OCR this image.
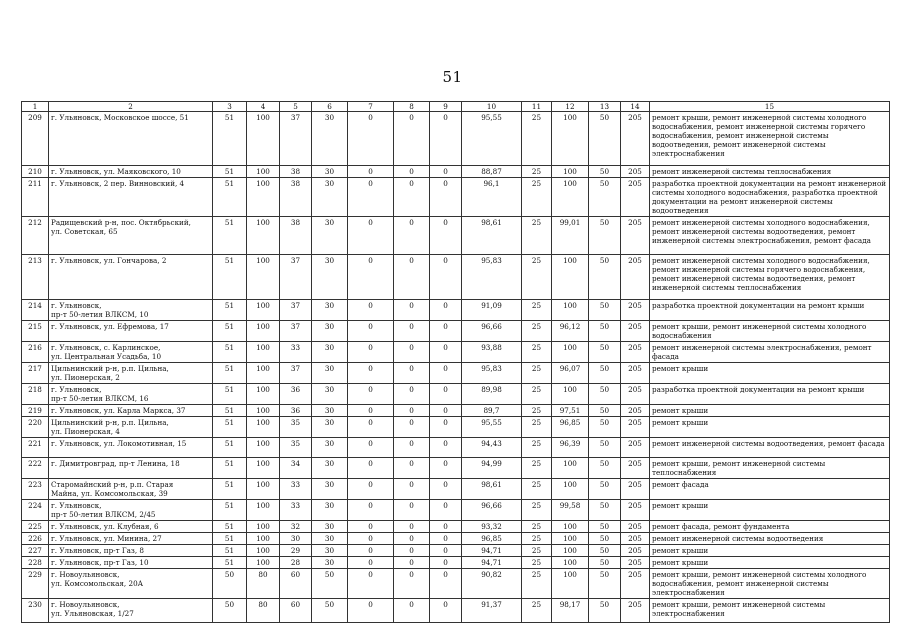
51
1	2	3	4	5	6	7	8	9	10	11	12	13	14	15
209	г. Ульяновск, Московское шоссе, 51	51	100	37	30	0	0	0	95,55	25	100	50	205	ремонт крыши, ремонт инженерной системы холодного водоснабжения, ремонт инженерной системы горячего водоснабжения, ремонт инженерной системы водоотведения, ремонт инженерной системы электроснабжения
210	г. Ульяновск, ул. Маяковского, 10	51	100	38	30	0	0	0	88,87	25	100	50	205	ремонт инженерной системы теплоснабжения
211	г. Ульяновск, 2 пер. Винновский, 4	51	100	38	30	0	0	0	96,1	25	100	50	205	разработка проектной документации на ремонт инженерной системы холодного водоснабжения, разработка проектной документации на ремонт инженерной системы водоотведения
212	Радищевский р-н, пос. Октябрьский,
ул. Советская, 65	51	100	38	30	0	0	0	98,61	25	99,01	50	205	ремонт инженерной системы холодного водоснабжения, ремонт инженерной системы водоотведения, ремонт инженерной системы электроснабжения, ремонт фасада
213	г. Ульяновск, ул. Гончарова, 2	51	100	37	30	0	0	0	95,83	25	100	50	205	ремонт инженерной системы холодного водоснабжения, ремонт инженерной системы горячего водоснабжения, ремонт инженерной системы водоотведения, ремонт инженерной системы теплоснабжения
214	г. Ульяновск,
пр-т 50-летия ВЛКСМ, 10	51	100	37	30	0	0	0	91,09	25	100	50	205	разработка проектной документации на ремонт крыши
215	г. Ульяновск, ул. Ефремова, 17	51	100	37	30	0	0	0	96,66	25	96,12	50	205	ремонт крыши, ремонт инженерной системы холодного водоснабжения
216	г. Ульяновск, с. Карлинское,
ул. Центральная Усадьба, 10	51	100	33	30	0	0	0	93,88	25	100	50	205	ремонт инженерной системы электроснабжения, ремонт фасада
217	Цильнинский р-н, р.п. Цильна,
ул. Пионерская, 2	51	100	37	30	0	0	0	95,83	25	96,07	50	205	ремонт крыши
218	г. Ульяновск,
пр-т 50-летия ВЛКСМ, 16	51	100	36	30	0	0	0	89,98	25	100	50	205	разработка проектной документации на ремонт крыши
219	г. Ульяновск, ул. Карла Маркса, 37	51	100	36	30	0	0	0	89,7	25	97,51	50	205	ремонт крыши
220	Цильнинский р-н, р.п. Цильна,
ул. Пионерская, 4	51	100	35	30	0	0	0	95,55	25	96,85	50	205	ремонт крыши
221	г. Ульяновск, ул. Локомотивная, 15	51	100	35	30	0	0	0	94,43	25	96,39	50	205	ремонт инженерной системы водоотведения, ремонт фасада
222	г. Димитровград, пр-т Ленина, 18	51	100	34	30	0	0	0	94,99	25	100	50	205	ремонт крыши, ремонт инженерной системы теплоснабжения
223	Старомайнский р-н, р.п. Старая
Майна, ул. Комсомольская, 39	51	100	33	30	0	0	0	98,61	25	100	50	205	ремонт фасада
224	г. Ульяновск,
пр-т 50-летия ВЛКСМ, 2/45	51	100	33	30	0	0	0	96,66	25	99,58	50	205	ремонт крыши
225	г. Ульяновск, ул. Клубная, 6	51	100	32	30	0	0	0	93,32	25	100	50	205	ремонт фасада, ремонт фундамента
226	г. Ульяновск, ул. Минина, 27	51	100	30	30	0	0	0	96,85	25	100	50	205	ремонт инженерной системы водоотведения
227	г. Ульяновск, пр-т Газ, 8	51	100	29	30	0	0	0	94,71	25	100	50	205	ремонт крыши
228	г. Ульяновск, пр-т Газ, 10	51	100	28	30	0	0	0	94,71	25	100	50	205	ремонт крыши
229	г. Новоульяновск,
ул. Комсомольская, 20А	50	80	60	50	0	0	0	90,82	25	100	50	205	ремонт крыши, ремонт инженерной системы холодного водоснабжения, ремонт инженерной системы электроснабжения
230	г. Новоульяновск,
ул. Ульяновская, 1/27	50	80	60	50	0	0	0	91,37	25	98,17	50	205	ремонт крыши, ремонт инженерной системы электроснабжения
